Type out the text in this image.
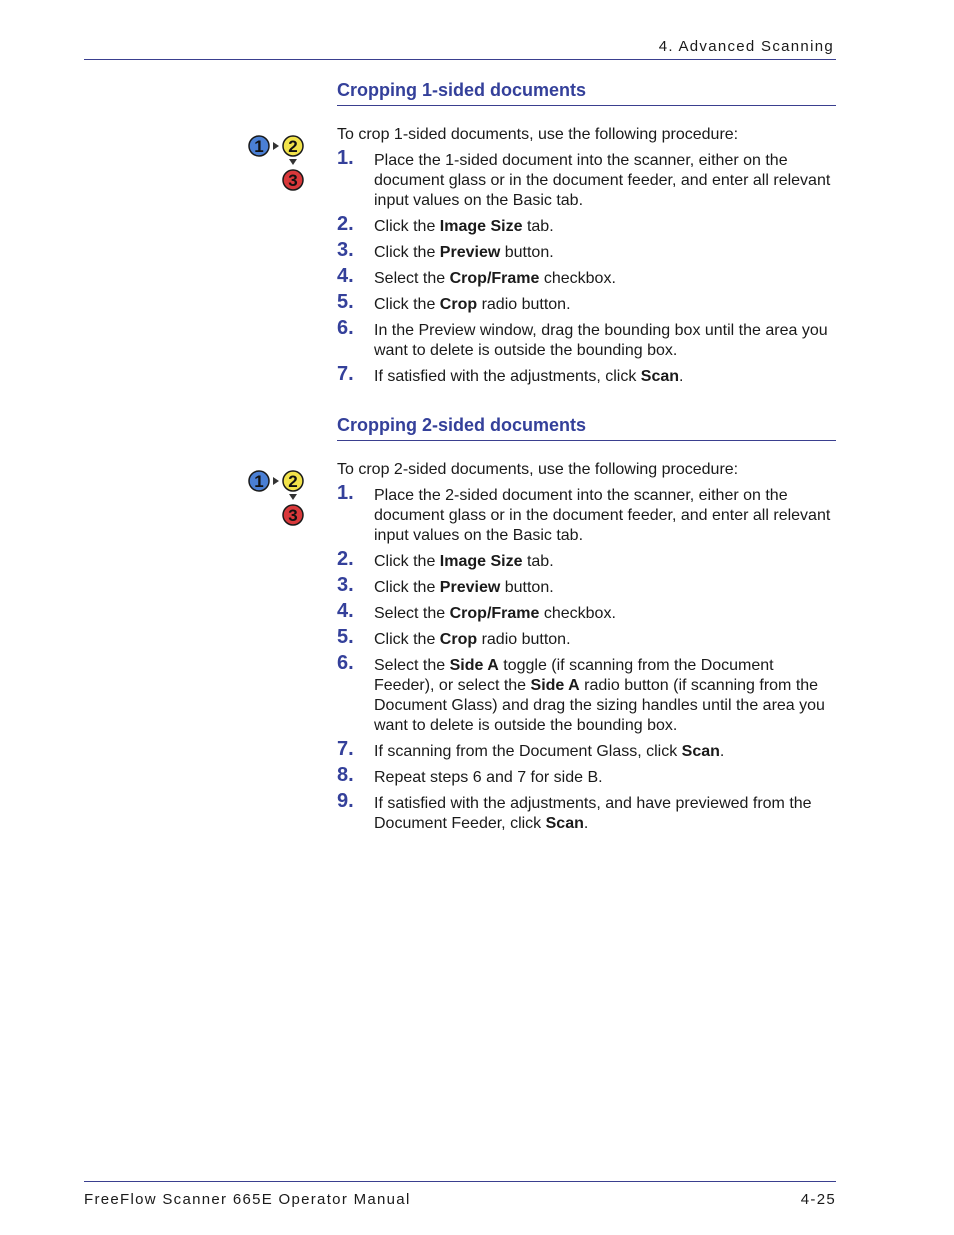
4. Advanced Scanning
1 2
3
Cropping 1-sided documents
To crop 1-sided documents, use the following procedure:
1. Place the 1-sided document into the scanner, either on the document glass or in the document feeder, and enter all relevant input values on the Basic tab.
2. Click the Image Size tab.
3. Click the Preview button.
4. Select the Crop/Frame checkbox.
5. Click the Crop radio button.
6. In the Preview window, drag the bounding box until the area you want to delete is outside the bounding box.
7. If satisfied with the adjustments, click Scan.
1 2
3
Cropping 2-sided documents
To crop 2-sided documents, use the following procedure:
1. Place the 2-sided document into the scanner, either on the document glass or in the document feeder, and enter all relevant input values on the Basic tab.
2. Click the Image Size tab.
3. Click the Preview button.
4. Select the Crop/Frame checkbox.
5. Click the Crop radio button.
6. Select the Side A toggle (if scanning from the Document Feeder), or select the Side A radio button (if scanning from the Document Glass) and drag the sizing handles until the area you want to delete is outside the bounding box.
7. If scanning from the Document Glass, click Scan.
8. Repeat steps 6 and 7 for side B.
9. If satisfied with the adjustments, and have previewed from the Document Feeder, click Scan.
FreeFlow Scanner 665E Operator Manual	4-25
